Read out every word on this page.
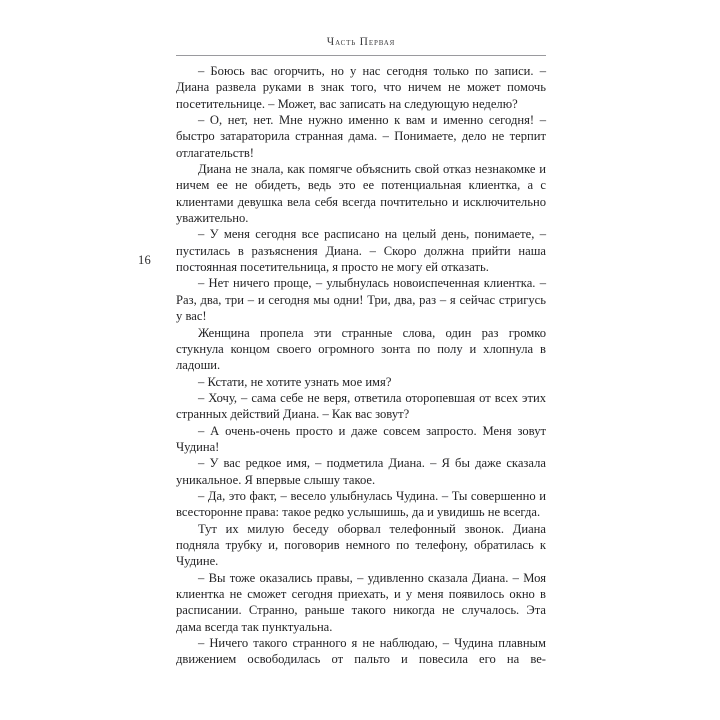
Часть Первая
16

– Боюсь вас огорчить, но у нас сегодня только по записи. – Диана развела руками в знак того, что ничем не может помочь посетительнице. – Может, вас записать на следующую неделю?

– О, нет, нет. Мне нужно именно к вам и именно сегодня! – быстро затараторила странная дама. – Понимаете, дело не терпит отлагательств!

Диана не знала, как помягче объяснить свой отказ незнакомке и ничем ее не обидеть, ведь это ее потенциальная клиентка, а с клиентами девушка вела себя всегда почтительно и исключительно уважительно.

– У меня сегодня все расписано на целый день, понимаете, – пустилась в разъяснения Диана. – Скоро должна прийти наша постоянная посетительница, я просто не могу ей отказать.

– Нет ничего проще, – улыбнулась новоиспеченная клиентка. – Раз, два, три – и сегодня мы одни! Три, два, раз – я сейчас стригусь у вас!

Женщина пропела эти странные слова, один раз громко стукнула концом своего огромного зонта по полу и хлопнула в ладоши.

– Кстати, не хотите узнать мое имя?

– Хочу, – сама себе не веря, ответила оторопевшая от всех этих странных действий Диана. – Как вас зовут?

– А очень-очень просто и даже совсем запросто. Меня зовут Чудина!

– У вас редкое имя, – подметила Диана. – Я бы даже сказала уникальное. Я впервые слышу такое.

– Да, это факт, – весело улыбнулась Чудина. – Ты совершенно и всесторонне права: такое редко услышишь, да и увидишь не всегда.

Тут их милую беседу оборвал телефонный звонок. Диана подняла трубку и, поговорив немного по телефону, обратилась к Чудине.

– Вы тоже оказались правы, – удивленно сказала Диана. – Моя клиентка не сможет сегодня приехать, и у меня появилось окно в расписании. Странно, раньше такого никогда не случалось. Эта дама всегда так пунктуальна.

– Ничего такого странного я не наблюдаю, – Чудина плавным движением освободилась от пальто и повесила его на ве-
